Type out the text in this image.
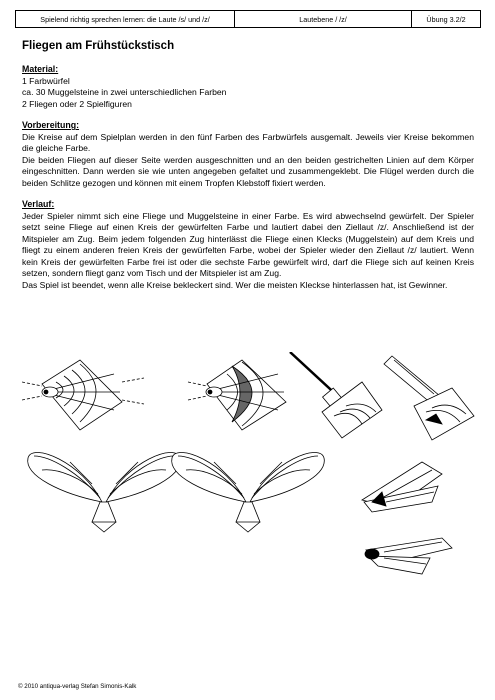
Spielend richtig sprechen lernen: die Laute /s/ und /z/	Lautebene / /z/	Übung 3.2/2
Fliegen am Frühstückstisch
Material:

1 Farbwürfel

ca. 30 Muggelsteine in zwei unterschiedlichen Farben

2 Fliegen oder 2 Spielfiguren

Vorbereitung:

Die Kreise auf dem Spielplan werden in den fünf Farben des Farbwürfels ausgemalt. Jeweils vier Kreise bekommen die gleiche Farbe.

Die beiden Fliegen auf dieser Seite werden ausgeschnitten und an den beiden gestrichelten Linien auf dem Körper eingeschnitten. Dann werden sie wie unten angegeben gefaltet und zusammengeklebt. Die Flügel werden durch die beiden Schlitze gezogen und können mit einem Tropfen Klebstoff fixiert werden.

Verlauf:

Jeder Spieler nimmt sich eine Fliege und Muggelsteine in einer Farbe. Es wird abwechselnd gewürfelt. Der Spieler setzt seine Fliege auf einen Kreis der gewürfelten Farbe und lautiert dabei den Ziellaut /z/. Anschließend ist der Mitspieler am Zug. Beim jedem folgenden Zug hinterlässt die Fliege einen Klecks (Muggelstein) auf dem Kreis und fliegt zu einem anderen freien Kreis der gewürfelten Farbe, wobei der Spieler wieder den Ziellaut /z/ lautiert. Wenn kein Kreis der gewürfelten Farbe frei ist oder die sechste Farbe gewürfelt wird, darf die Fliege sich auf keinen Kreis setzen, sondern fliegt ganz vom Tisch und der Mitspieler ist am Zug.

Das Spiel ist beendet, wenn alle Kreise bekleckert sind. Wer die meisten Kleckse hinterlassen hat, ist Gewinner.

© 2010 antiqua-verlag Stefan Simonis-Kalk
